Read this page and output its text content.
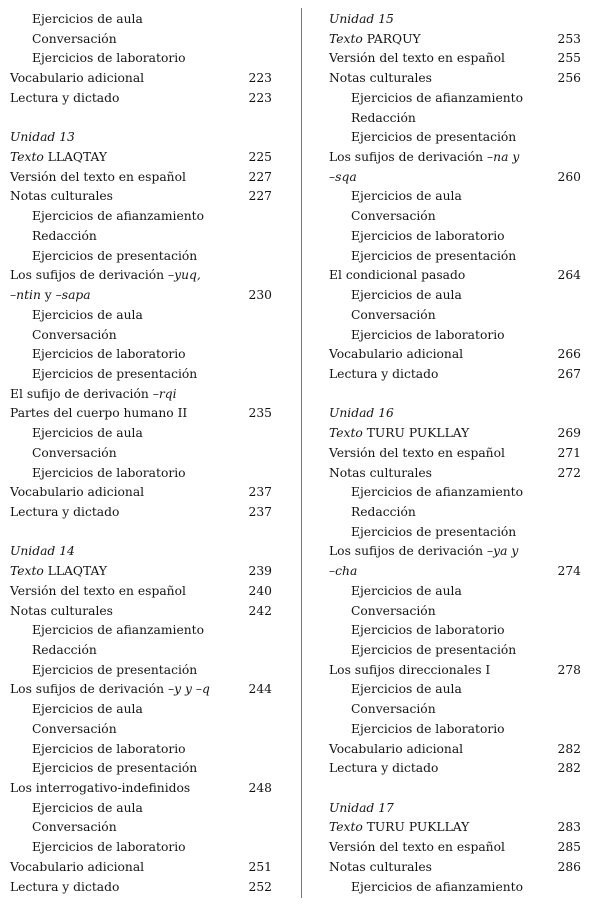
Ejercicios de aula
Conversación
Ejercicios de laboratorio
Vocabulario adicional	223
Lectura y dictado	223
Unidad 13
Texto LLAQTAY	225
Versión del texto en español	227
Notas culturales	227
Ejercicios de afianzamiento
Redacción
Ejercicios de presentación
Los sufijos de derivación –yuq,
–ntin y –sapa	230
Ejercicios de aula
Conversación
Ejercicios de laboratorio
Ejercicios de presentación
El sufijo de derivación –rqi
Partes del cuerpo humano II	235
Ejercicios de aula
Conversación
Ejercicios de laboratorio
Vocabulario adicional	237
Lectura y dictado	237
Unidad 14
Texto LLAQTAY	239
Versión del texto en español	240
Notas culturales	242
Ejercicios de afianzamiento
Redacción
Ejercicios de presentación
Los sufijos de derivación –y y –q	244
Ejercicios de aula
Conversación
Ejercicios de laboratorio
Ejercicios de presentación
Los interrogativo-indefinidos	248
Ejercicios de aula
Conversación
Ejercicios de laboratorio
Vocabulario adicional	251
Lectura y dictado	252
Unidad 15
Texto PARQUY	253
Versión del texto en español	255
Notas culturales	256
Ejercicios de afianzamiento
Redacción
Ejercicios de presentación
Los sufijos de derivación –na y
–sqa	260
Ejercicios de aula
Conversación
Ejercicios de laboratorio
Ejercicios de presentación
El condicional pasado	264
Ejercicios de aula
Conversación
Ejercicios de laboratorio
Vocabulario adicional	266
Lectura y dictado	267
Unidad 16
Texto TURU PUKLLAY	269
Versión del texto en español	271
Notas culturales	272
Ejercicios de afianzamiento
Redacción
Ejercicios de presentación
Los sufijos de derivación –ya y
–cha	274
Ejercicios de aula
Conversación
Ejercicios de laboratorio
Ejercicios de presentación
Los sufijos direccionales I	278
Ejercicios de aula
Conversación
Ejercicios de laboratorio
Vocabulario adicional	282
Lectura y dictado	282
Unidad 17
Texto TURU PUKLLAY	283
Versión del texto en español	285
Notas culturales	286
Ejercicios de afianzamiento
